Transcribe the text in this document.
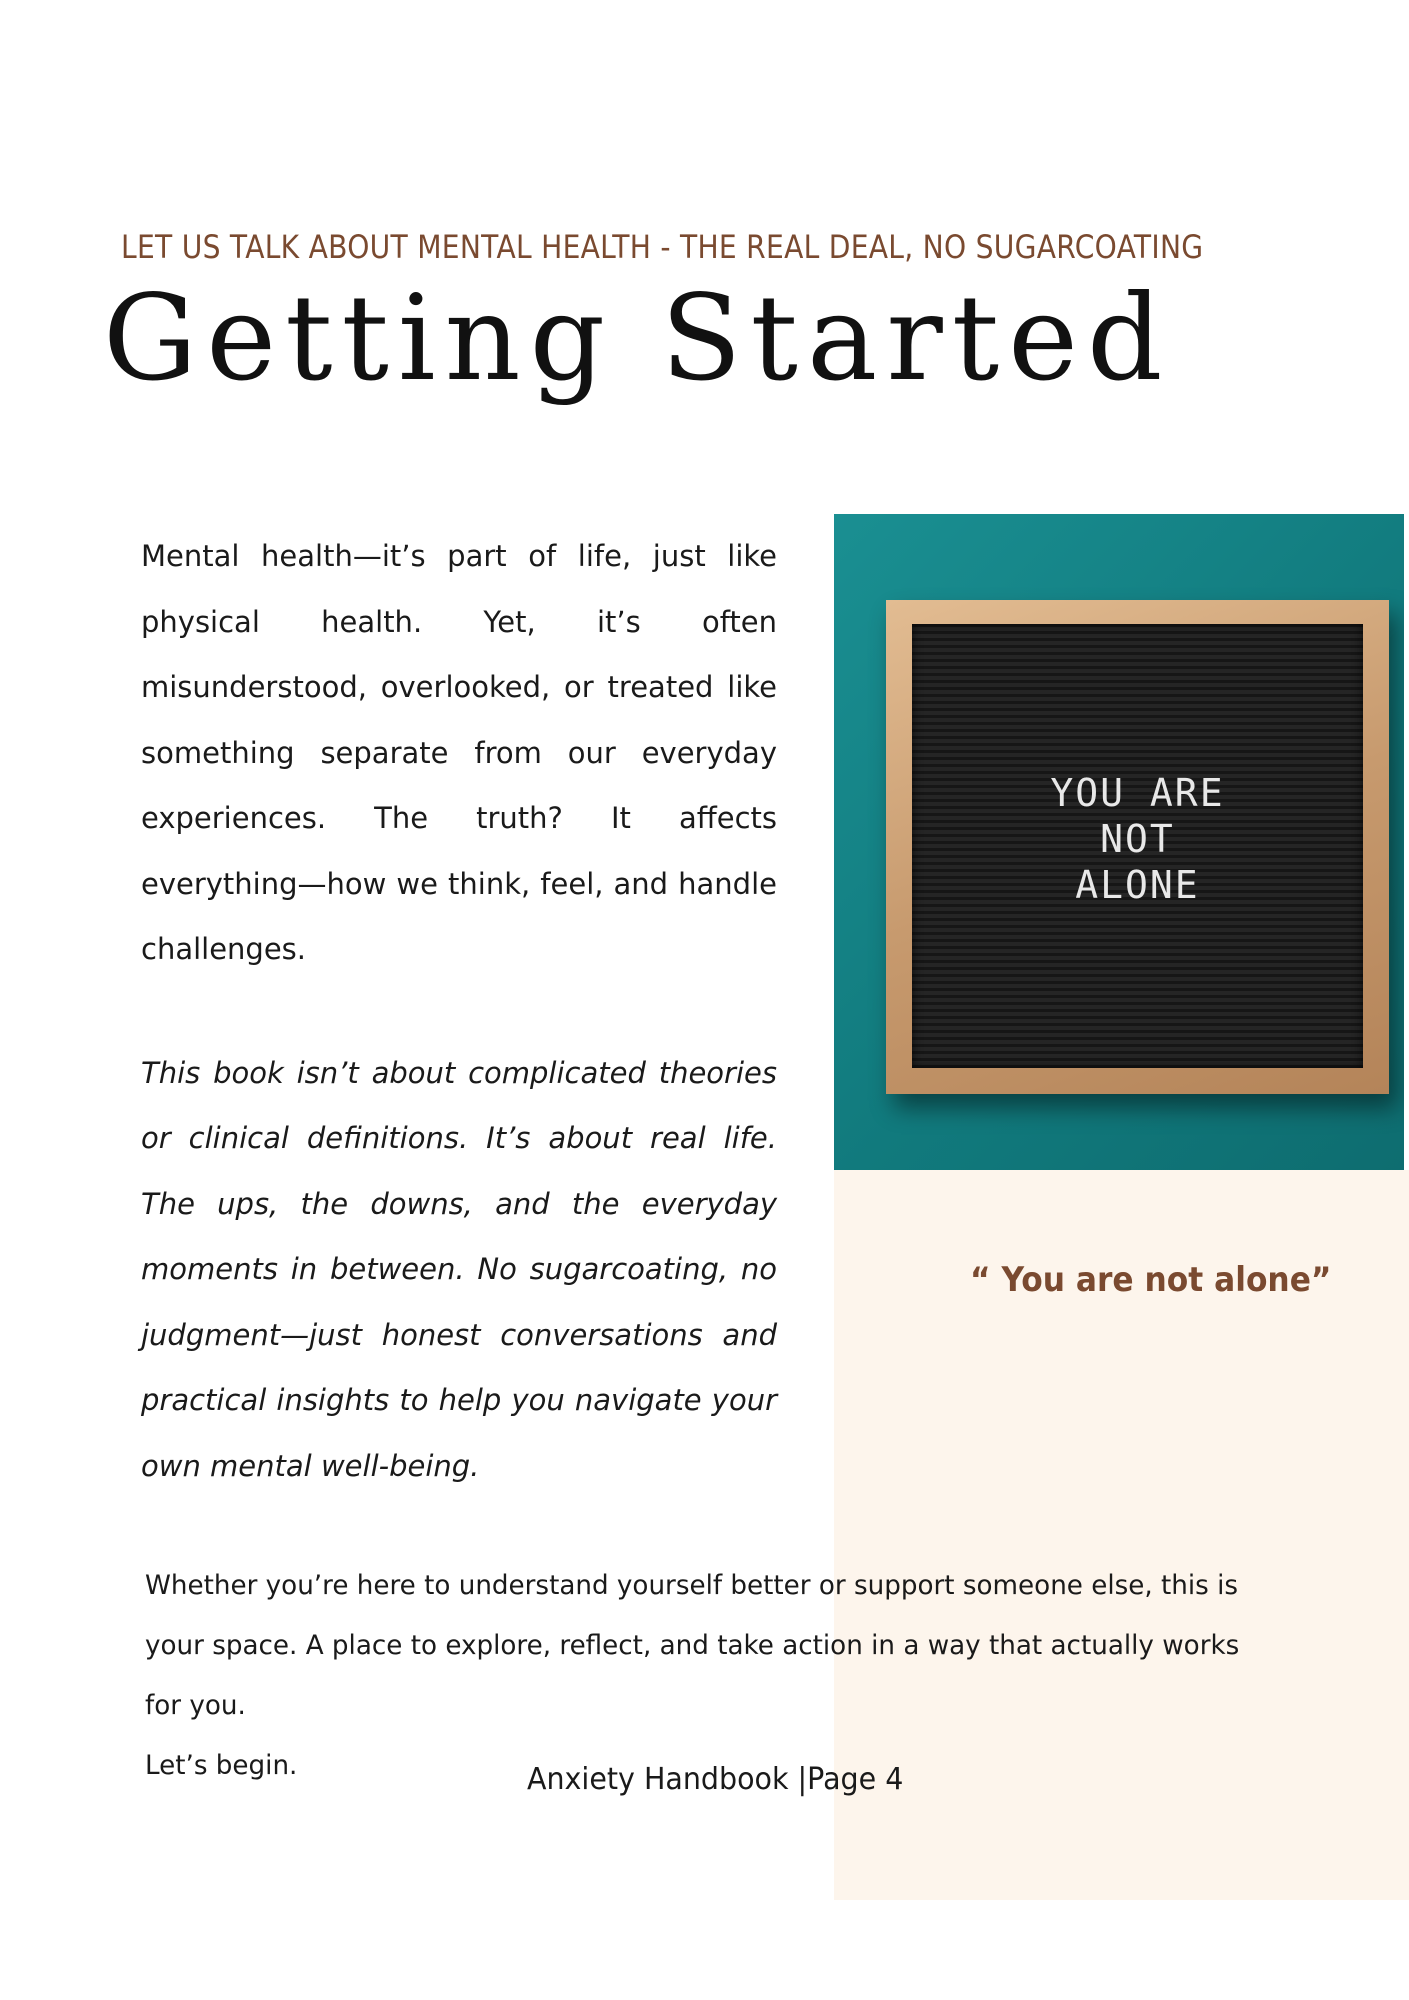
LET US TALK ABOUT MENTAL HEALTH - THE REAL DEAL, NO SUGARCOATING
Getting Started

Mental health—it’s part of life, just like physical health. Yet, it’s often misunderstood, overlooked, or treated like something separate from our everyday experiences. The truth? It affects everything—how we think, feel, and handle challenges.

This book isn’t about complicated theories or clinical definitions. It’s about real life. The ups, the downs, and the everyday moments in between. No sugarcoating, no judgment—just honest conversations and practical insights to help you navigate your own mental well-being.

YOU ARE
NOT
ALONE
“ You are not alone”

Whether you’re here to understand yourself better or support someone else, this is your space. A place to explore, reflect, and take action in a way that actually works for you.

Let’s begin.	Anxiety Handbook |Page 4
